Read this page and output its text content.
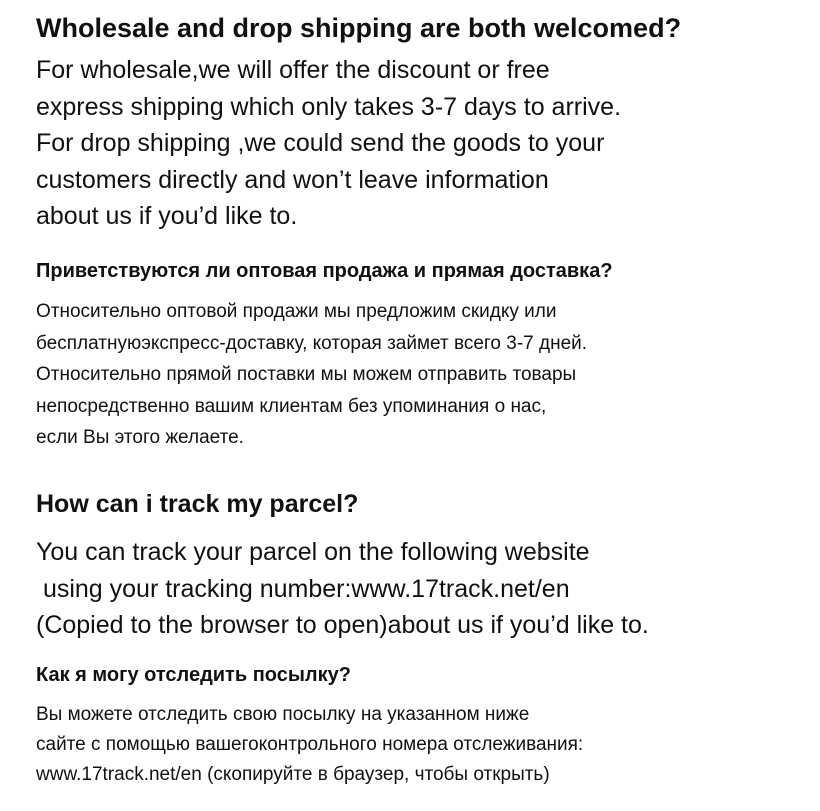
Wholesale and drop shipping are both welcomed?
For wholesale,we will offer the discount or free
express shipping which only takes 3-7 days to arrive.
For drop shipping ,we could send the goods to your
customers directly and won’t leave information
about us if you’d like to.
Приветствуются ли оптовая продажа и прямая доставка?
Относительно оптовой продажи мы предложим скидку или
бесплатнуюэкспресс-доставку, которая займет всего 3-7 дней.
Относительно прямой поставки мы можем отправить товары
непосредственно вашим клиентам без упоминания о нас,
если Вы этого желаете.
How can i track my parcel?
You can track your parcel on the following website
using your tracking number:www.17track.net/en
(Copied to the browser to open)about us if you’d like to.
Как я могу отследить посылку?
Вы можете отследить свою посылку на указанном ниже
сайте с помощью вашегоконтрольного номера отслеживания:
www.17track.net/en (скопируйте в браузер, чтобы открыть)
